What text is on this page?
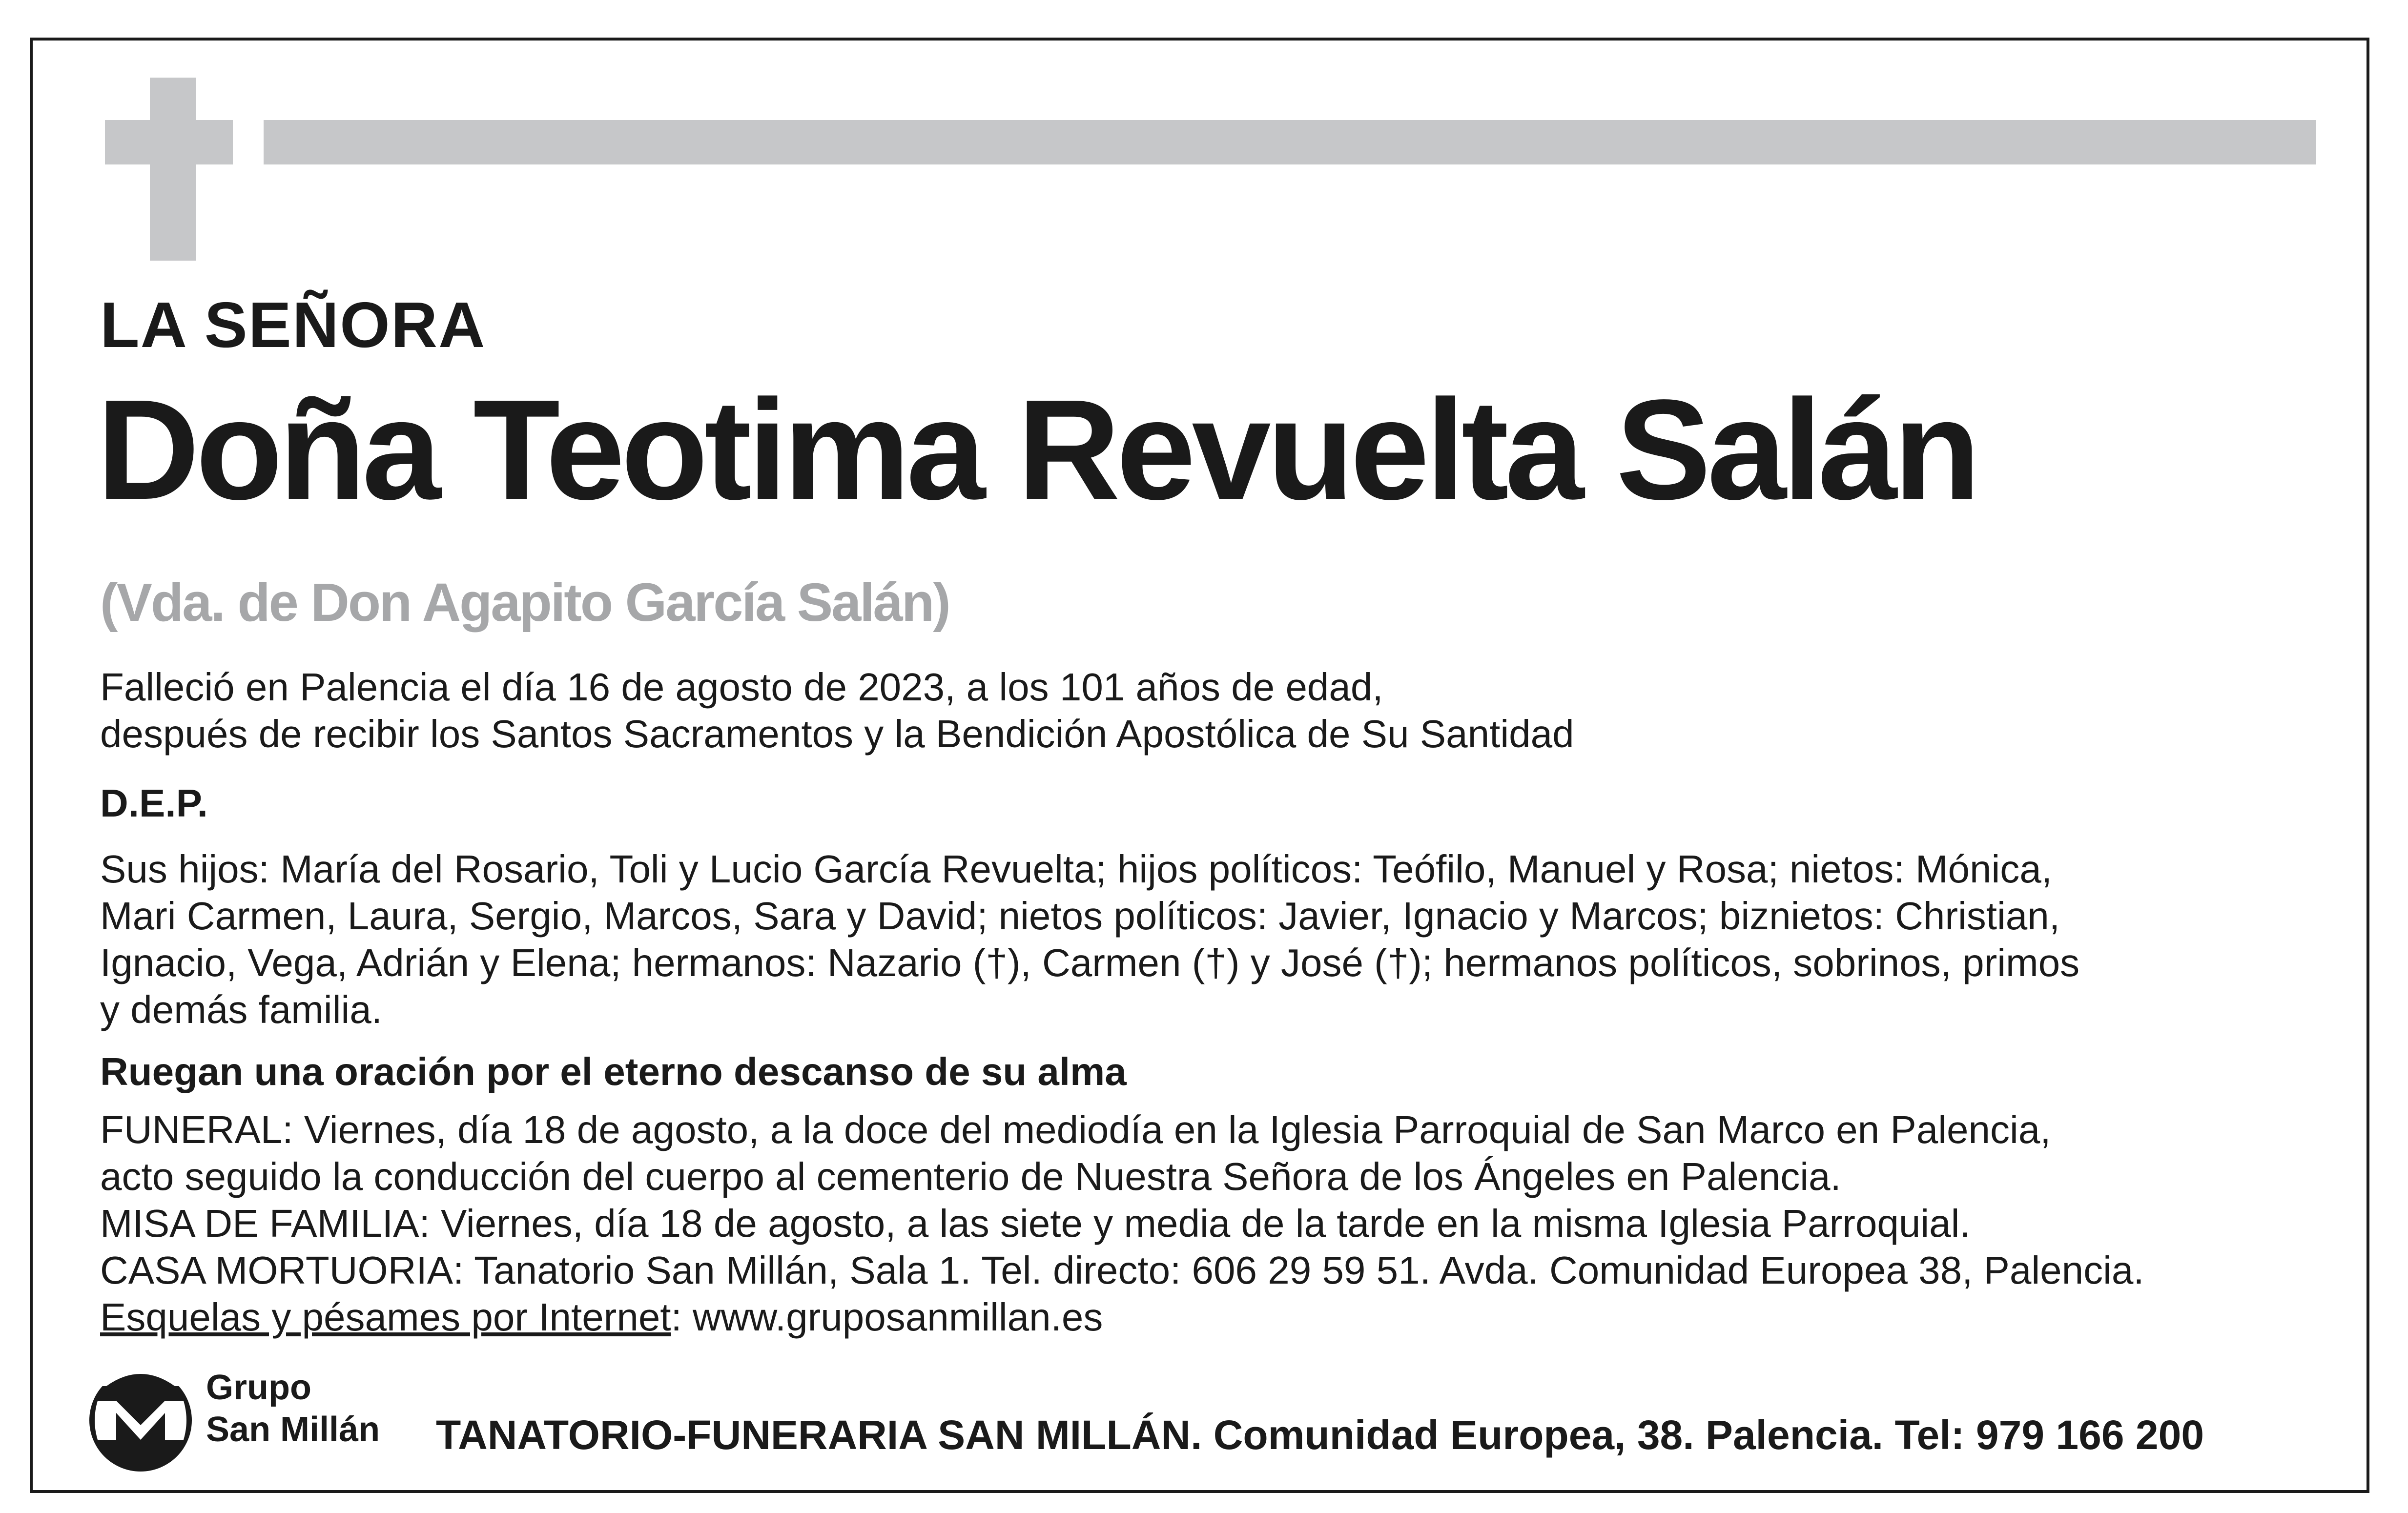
LA SEÑORA
Doña Teotima Revuelta Salán
(Vda. de Don Agapito García Salán)
Falleció en Palencia el día 16 de agosto de 2023, a los 101 años de edad,
después de recibir los Santos Sacramentos y la Bendición Apostólica de Su Santidad
D.E.P.
Sus hijos: María del Rosario, Toli y Lucio García Revuelta; hijos políticos: Teófilo, Manuel y Rosa; nietos: Mónica,
Mari Carmen, Laura, Sergio, Marcos, Sara y David; nietos políticos: Javier, Ignacio y Marcos; biznietos: Christian,
Ignacio, Vega, Adrián y Elena; hermanos: Nazario (†), Carmen (†) y José (†); hermanos políticos, sobrinos, primos
y demás familia.
Ruegan una oración por el eterno descanso de su alma
FUNERAL: Viernes, día 18 de agosto, a la doce del mediodía en la Iglesia Parroquial de San Marco en Palencia,
acto seguido la conducción del cuerpo al cementerio de Nuestra Señora de los Ángeles en Palencia.
MISA DE FAMILIA: Viernes, día 18 de agosto, a las siete y media de la tarde en la misma Iglesia Parroquial.
CASA MORTUORIA: Tanatorio San Millán, Sala 1. Tel. directo: 606 29 59 51. Avda. Comunidad Europea 38, Palencia.
Esquelas y pésames por Internet: www.gruposanmillan.es
Grupo
San Millán TANATORIO-FUNERARIA SAN MILLÁN. Comunidad Europea, 38. Palencia. Tel: 979 166 200
